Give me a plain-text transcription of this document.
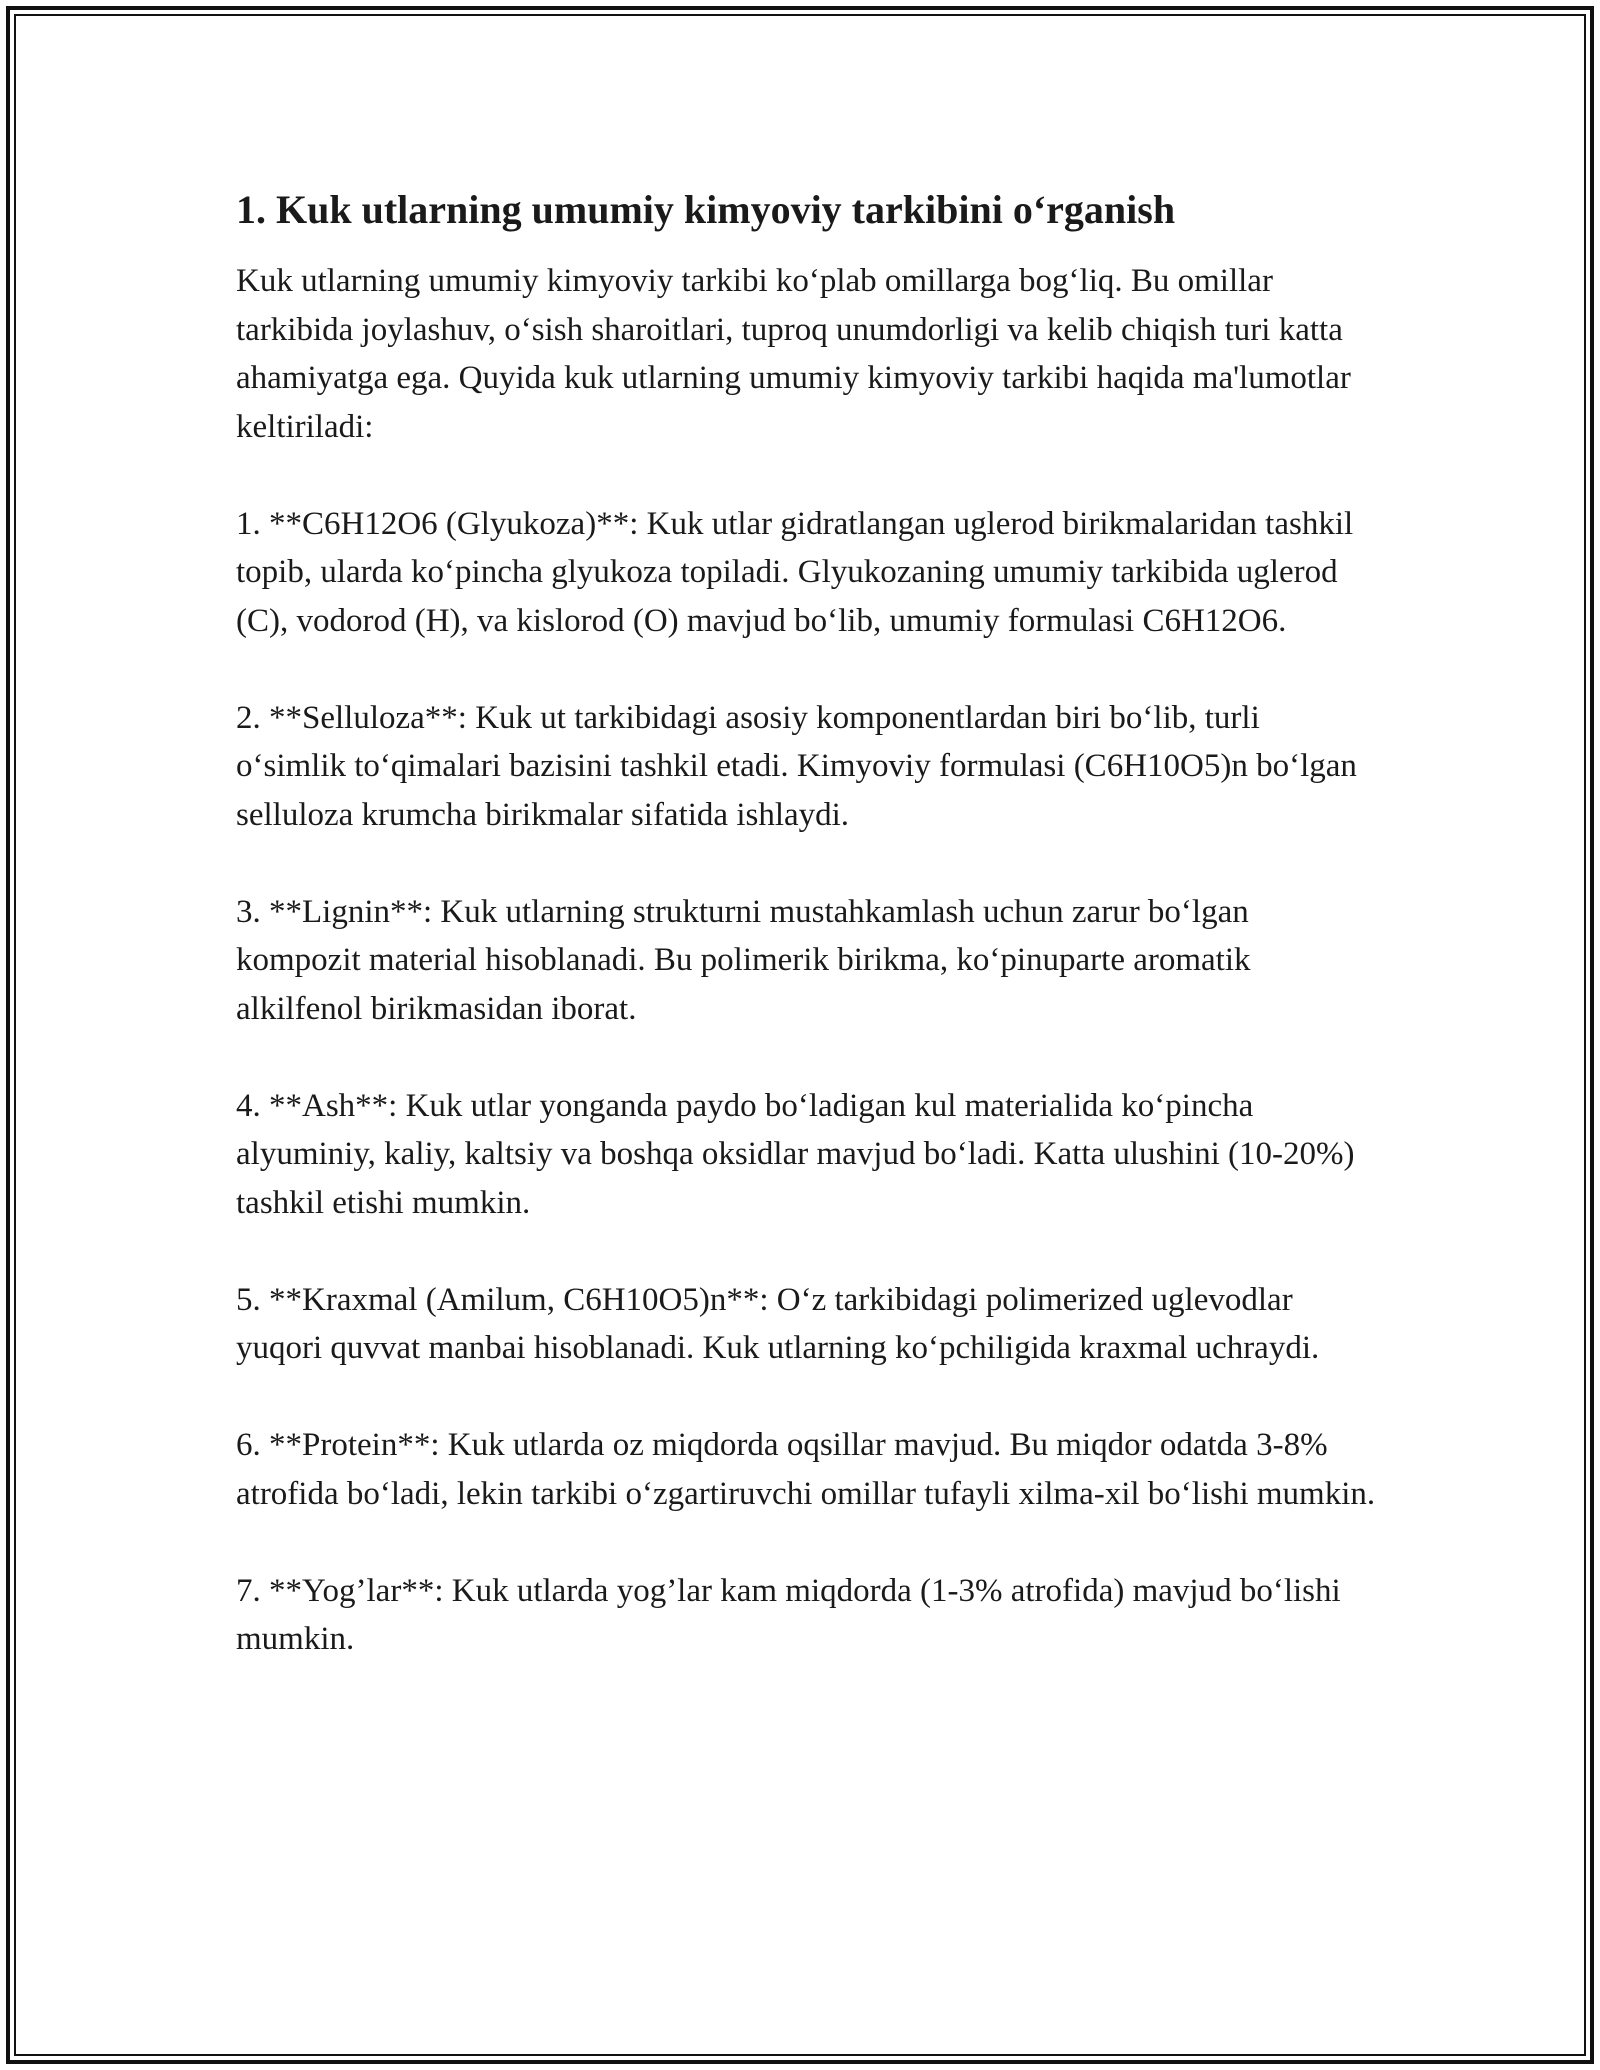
1. Kuk utlarning umumiy kimyoviy tarkibini o‘rganish

Kuk utlarning umumiy kimyoviy tarkibi ko‘plab omillarga bog‘liq. Bu omillar tarkibida joylashuv, o‘sish sharoitlari, tuproq unumdorligi va kelib chiqish turi katta ahamiyatga ega. Quyida kuk utlarning umumiy kimyoviy tarkibi haqida ma'lumotlar keltiriladi:

1. **C6H12O6 (Glyukoza)**: Kuk utlar gidratlangan uglerod birikmalaridan tashkil topib, ularda ko‘pincha glyukoza topiladi. Glyukozaning umumiy tarkibida uglerod (C), vodorod (H), va kislorod (O) mavjud bo‘lib, umumiy formulasi C6H12O6.

2. **Selluloza**: Kuk ut tarkibidagi asosiy komponentlardan biri bo‘lib, turli o‘simlik to‘qimalari bazisini tashkil etadi. Kimyoviy formulasi (C6H10O5)n bo‘lgan selluloza krumcha birikmalar sifatida ishlaydi.

3. **Lignin**: Kuk utlarning strukturni mustahkamlash uchun zarur bo‘lgan kompozit material hisoblanadi. Bu polimerik birikma, ko‘pinuparte aromatik alkilfenol birikmasidan iborat.

4. **Ash**: Kuk utlar yonganda paydo bo‘ladigan kul materialida ko‘pincha alyuminiy, kaliy, kaltsiy va boshqa oksidlar mavjud bo‘ladi. Katta ulushini (10-20%) tashkil etishi mumkin.

5. **Kraxmal (Amilum, C6H10O5)n**: O‘z tarkibidagi polimerized uglevodlar yuqori quvvat manbai hisoblanadi. Kuk utlarning ko‘pchiligida kraxmal uchraydi.

6. **Protein**: Kuk utlarda oz miqdorda oqsillar mavjud. Bu miqdor odatda 3-8% atrofida bo‘ladi, lekin tarkibi o‘zgartiruvchi omillar tufayli xilma-xil bo‘lishi mumkin.

7. **Yog’lar**: Kuk utlarda yog’lar kam miqdorda (1-3% atrofida) mavjud bo‘lishi mumkin.
